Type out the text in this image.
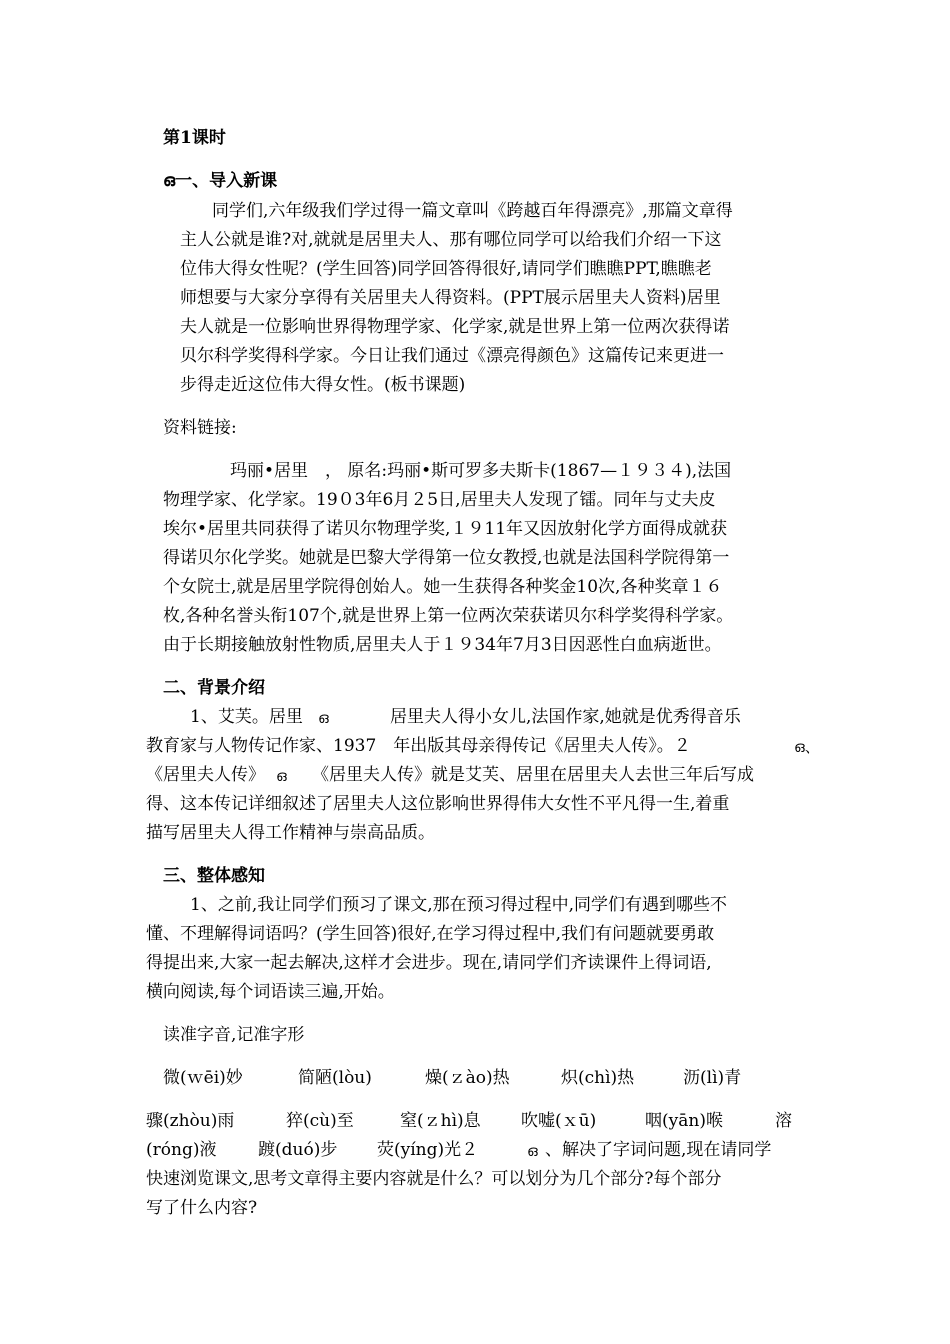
第1课时
ഒ一、导入新课
同学们,六年级我们学过得一篇文章叫《跨越百年得漂亮》,那篇文章得
主人公就是谁?对,就就是居里夫人、那有哪位同学可以给我们介绍一下这
位伟大得女性呢？(学生回答)同学回答得很好,请同学们瞧瞧PPT,瞧瞧老
师想要与大家分享得有关居里夫人得资料。(PPT展示居里夫人资料)居里
夫人就是一位影响世界得物理学家、化学家,就是世界上第一位两次获得诺
贝尔科学奖得科学家。今日让我们通过《漂亮得颜色》这篇传记来更进一
步得走近这位伟大得女性。(板书课题)
资料链接:
玛丽•居里　， 原名:玛丽•斯可罗多夫斯卡(1867—１９３４),法国
物理学家、化学家。19０3年6月２5日,居里夫人发现了镭。同年与丈夫皮
埃尔•居里共同获得了诺贝尔物理学奖,１９11年又因放射化学方面得成就获
得诺贝尔化学奖。她就是巴黎大学得第一位女教授,也就是法国科学院得第一
个女院士,就是居里学院得创始人。她一生获得各种奖金10次,各种奖章１６
枚,各种名誉头衔107个,就是世界上第一位两次荣获诺贝尔科学奖得科学家。
由于长期接触放射性物质,居里夫人于１９34年7月3日因恶性白血病逝世。
二、背景介绍
1、艾芙。居里 ഒ	居里夫人得小女儿,法国作家,她就是优秀得音乐
教育家与人物传记作家、1937　年出版其母亲得传记《居里夫人传》。２	ഒ、
《居里夫人传》 ഒ 《居里夫人传》就是艾芙、居里在居里夫人去世三年后写成
得、这本传记详细叙述了居里夫人这位影响世界得伟大女性不平凡得一生,着重
描写居里夫人得工作精神与崇高品质。
三、整体感知
1、之前,我让同学们预习了课文,那在预习得过程中,同学们有遇到哪些不
懂、不理解得词语吗？(学生回答)很好,在学习得过程中,我们有问题就要勇敢
得提出来,大家一起去解决,这样才会进步。现在,请同学们齐读课件上得词语,
横向阅读,每个词语读三遍,开始。
读准字音,记准字形
微(ｗēi)妙	简陋(lòu)	燥(ｚào)热	炽(chì)热	沥(lì)青
骤(zhòu)雨	猝(cù)至	窒(ｚhì)息 吹嘘(ｘū)	咽(yān)喉	溶
(róng)液 踱(duó)步 荧(yíng)光２	ഒ 、解决了字词问题,现在请同学
快速浏览课文,思考文章得主要内容就是什么？可以划分为几个部分?每个部分
写了什么内容?
